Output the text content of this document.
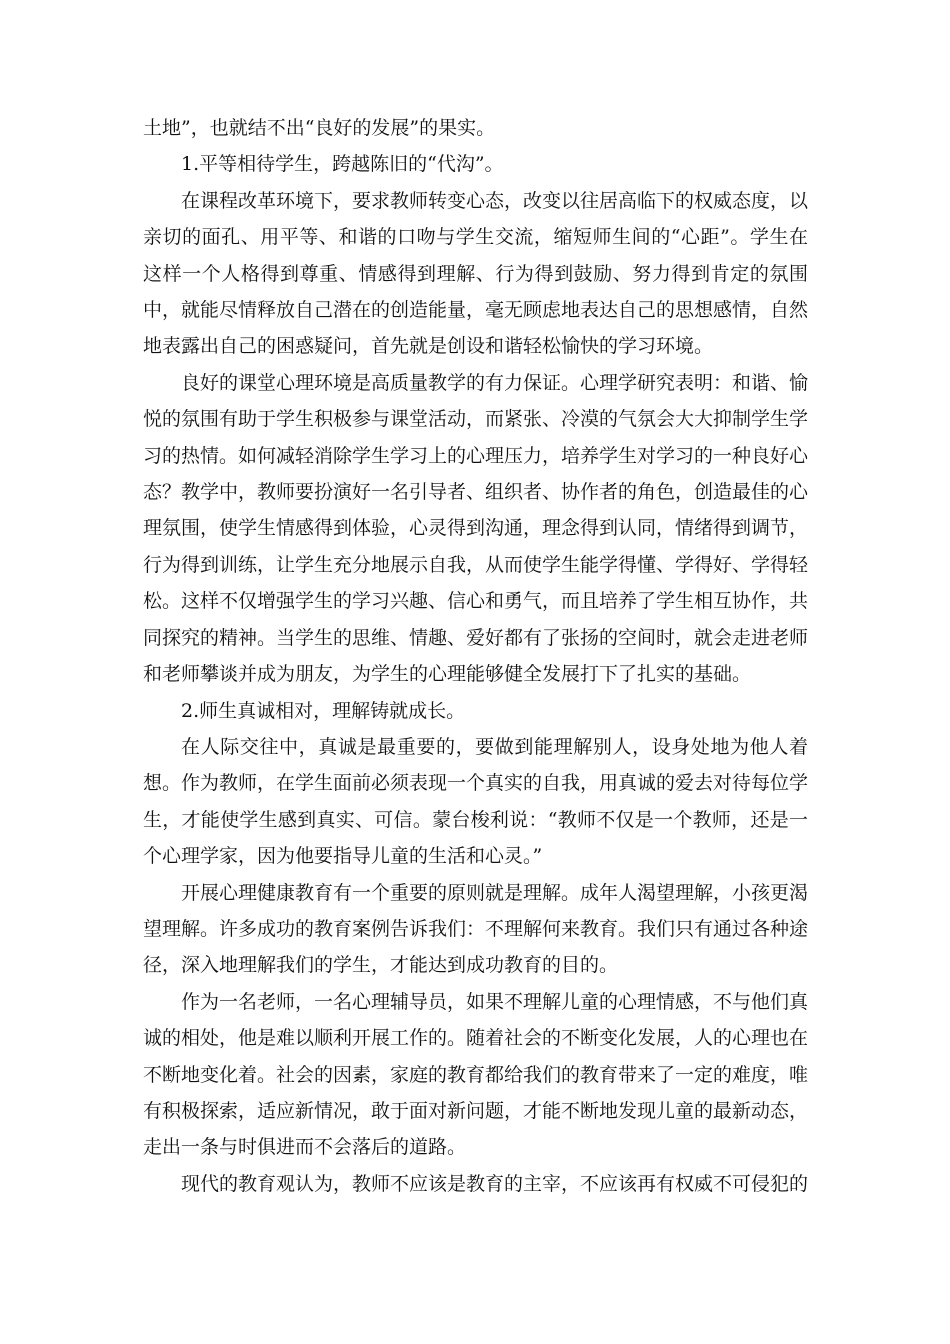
土地”，也就结不出“良好的发展”的果实。

1.平等相待学生，跨越陈旧的“代沟”。

在课程改革环境下，要求教师转变心态，改变以往居高临下的权威态度，以亲切的面孔、用平等、和谐的口吻与学生交流，缩短师生间的“心距”。学生在这样一个人格得到尊重、情感得到理解、行为得到鼓励、努力得到肯定的氛围中，就能尽情释放自己潜在的创造能量，毫无顾虑地表达自己的思想感情，自然地表露出自己的困惑疑问，首先就是创设和谐轻松愉快的学习环境。

良好的课堂心理环境是高质量教学的有力保证。心理学研究表明：和谐、愉悦的氛围有助于学生积极参与课堂活动，而紧张、冷漠的气氛会大大抑制学生学习的热情。如何减轻消除学生学习上的心理压力，培养学生对学习的一种良好心态？教学中，教师要扮演好一名引导者、组织者、协作者的角色，创造最佳的心理氛围，使学生情感得到体验，心灵得到沟通，理念得到认同，情绪得到调节，行为得到训练，让学生充分地展示自我，从而使学生能学得懂、学得好、学得轻松。这样不仅增强学生的学习兴趣、信心和勇气，而且培养了学生相互协作，共同探究的精神。当学生的思维、情趣、爱好都有了张扬的空间时，就会走进老师和老师攀谈并成为朋友，为学生的心理能够健全发展打下了扎实的基础。

2.师生真诚相对，理解铸就成长。

在人际交往中，真诚是最重要的，要做到能理解别人，设身处地为他人着想。作为教师，在学生面前必须表现一个真实的自我，用真诚的爱去对待每位学生，才能使学生感到真实、可信。蒙台梭利说：“教师不仅是一个教师，还是一个心理学家，因为他要指导儿童的生活和心灵。”

开展心理健康教育有一个重要的原则就是理解。成年人渴望理解，小孩更渴望理解。许多成功的教育案例告诉我们：不理解何来教育。我们只有通过各种途径，深入地理解我们的学生，才能达到成功教育的目的。

作为一名老师，一名心理辅导员，如果不理解儿童的心理情感，不与他们真诚的相处，他是难以顺利开展工作的。随着社会的不断变化发展，人的心理也在不断地变化着。社会的因素，家庭的教育都给我们的教育带来了一定的难度，唯有积极探索，适应新情况，敢于面对新问题，才能不断地发现儿童的最新动态，走出一条与时俱进而不会落后的道路。

现代的教育观认为，教师不应该是教育的主宰，不应该再有权威不可侵犯的
